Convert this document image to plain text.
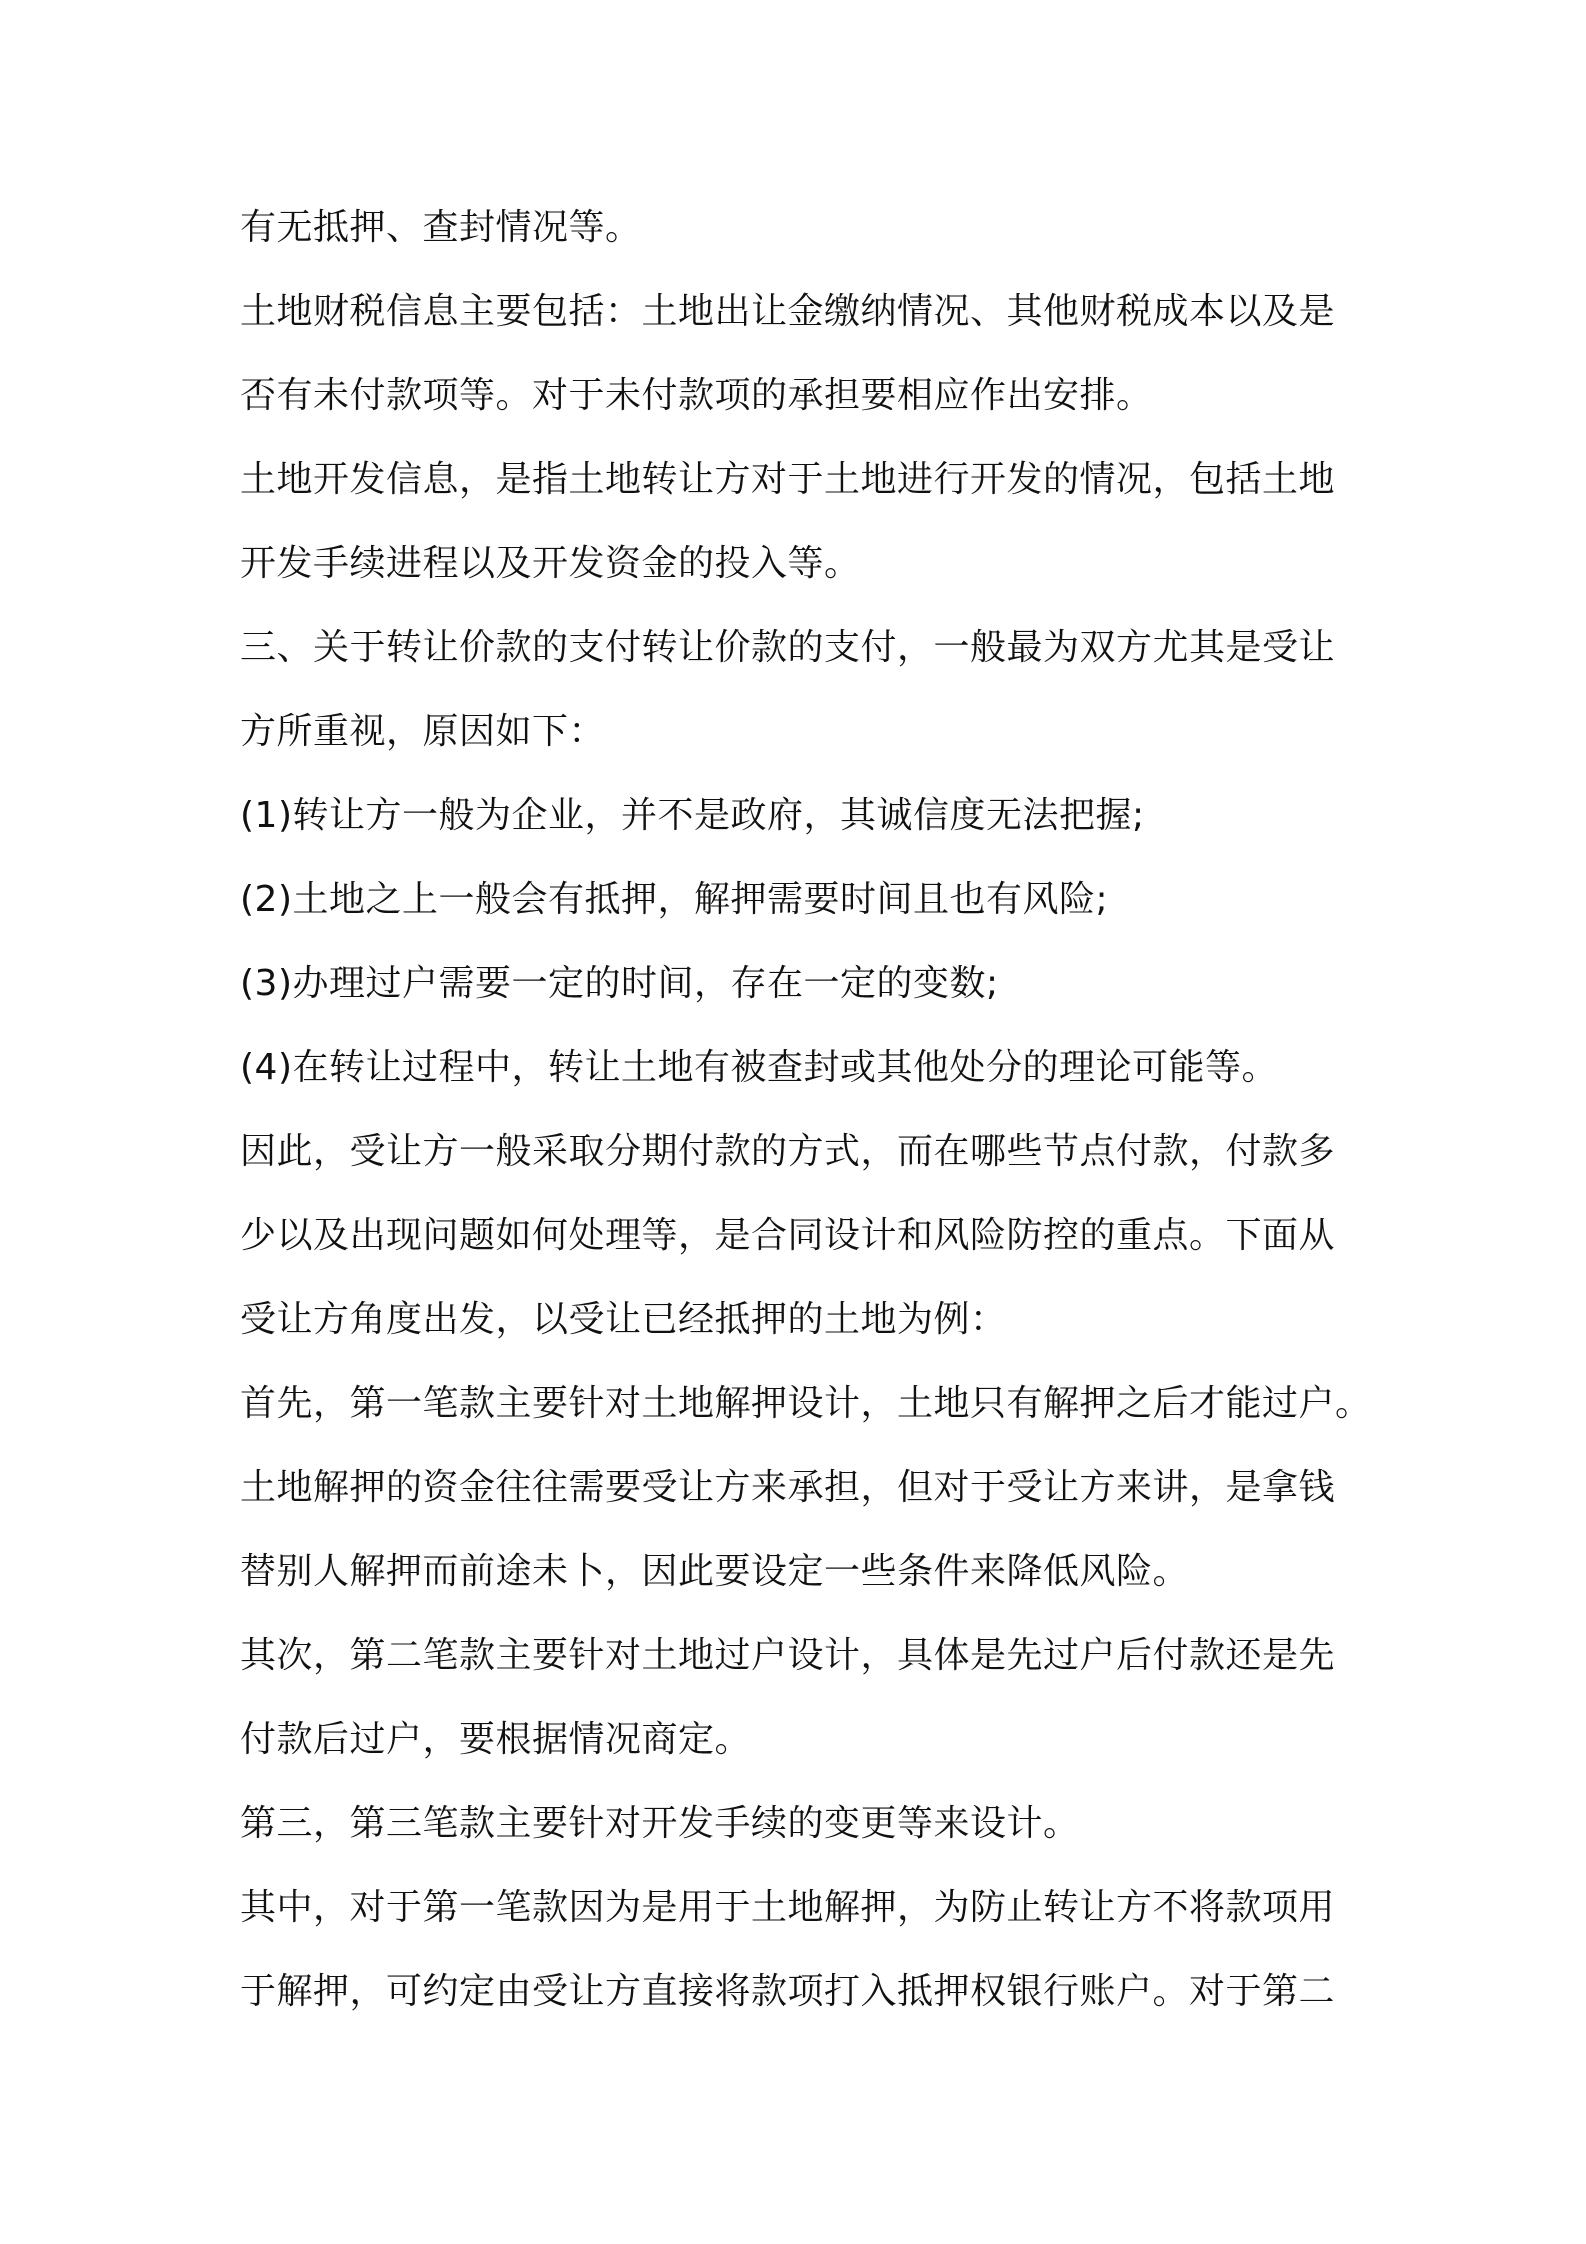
有无抵押、查封情况等。
土地财税信息主要包括：土地出让金缴纳情况、其他财税成本以及是
否有未付款项等。对于未付款项的承担要相应作出安排。
土地开发信息，是指土地转让方对于土地进行开发的情况，包括土地
开发手续进程以及开发资金的投入等。
三、关于转让价款的支付转让价款的支付，一般最为双方尤其是受让
方所重视，原因如下：
(1)转让方一般为企业，并不是政府，其诚信度无法把握;
(2)土地之上一般会有抵押，解押需要时间且也有风险;
(3)办理过户需要一定的时间，存在一定的变数;
(4)在转让过程中，转让土地有被查封或其他处分的理论可能等。
因此，受让方一般采取分期付款的方式，而在哪些节点付款，付款多
少以及出现问题如何处理等，是合同设计和风险防控的重点。下面从
受让方角度出发，以受让已经抵押的土地为例：
首先，第一笔款主要针对土地解押设计，土地只有解押之后才能过户。
土地解押的资金往往需要受让方来承担，但对于受让方来讲，是拿钱
替别人解押而前途未卜，因此要设定一些条件来降低风险。
其次，第二笔款主要针对土地过户设计，具体是先过户后付款还是先
付款后过户，要根据情况商定。
第三，第三笔款主要针对开发手续的变更等来设计。
其中，对于第一笔款因为是用于土地解押，为防止转让方不将款项用
于解押，可约定由受让方直接将款项打入抵押权银行账户。对于第二
